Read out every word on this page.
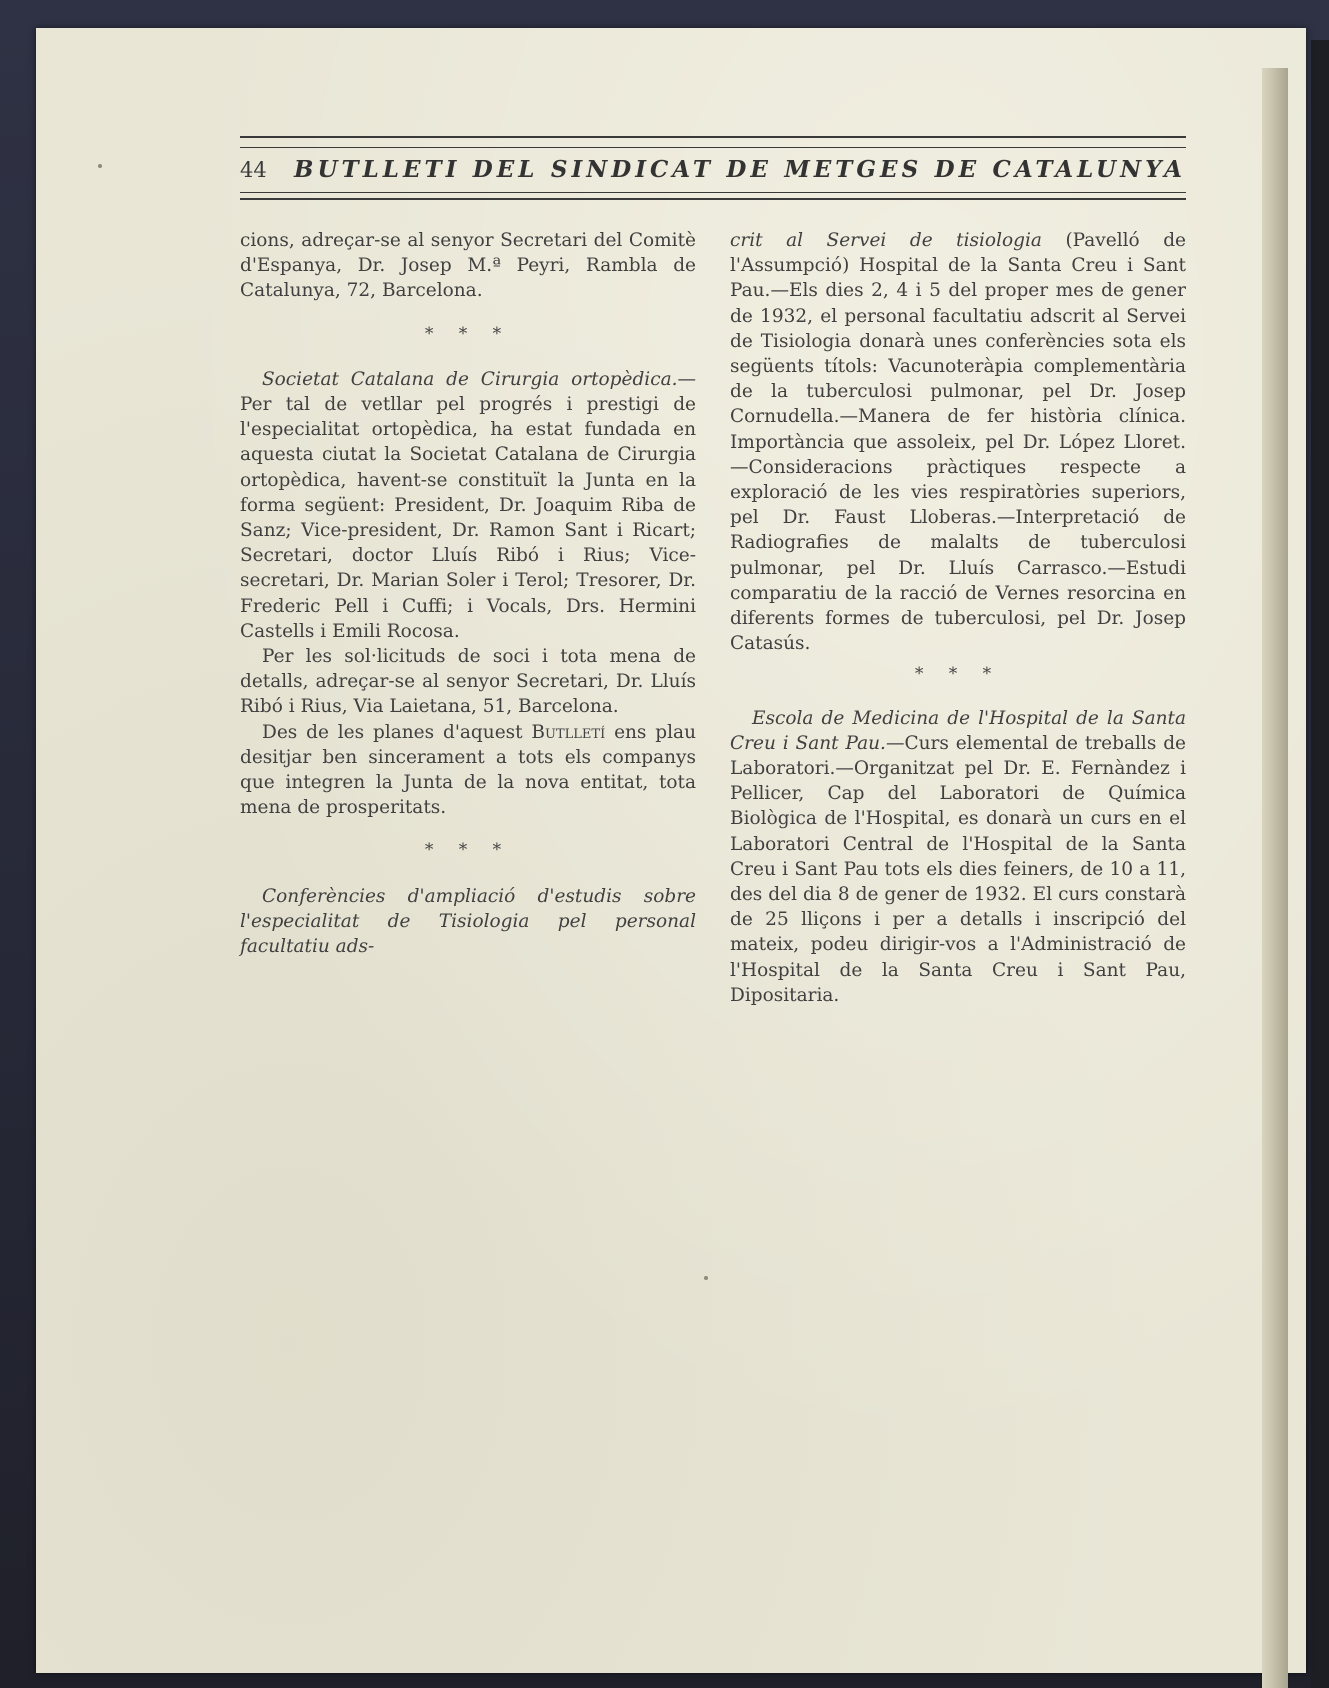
44	BUTLLETI DEL SINDICAT DE METGES DE CATALUNYA

cions, adreçar-se al senyor Secretari del Comitè d'Espanya, Dr. Josep M.ª Peyri, Rambla de Catalunya, 72, Barcelona.

* * *

Societat Catalana de Cirurgia ortopèdica.—Per tal de vetllar pel progrés i prestigi de l'especialitat ortopèdica, ha estat fundada en aquesta ciutat la Societat Catalana de Cirurgia ortopèdica, havent-se constituït la Junta en la forma següent: President, Dr. Joaquim Riba de Sanz; Vice-president, Dr. Ramon Sant i Ricart; Secretari, doctor Lluís Ribó i Rius; Vice-secretari, Dr. Marian Soler i Terol; Tresorer, Dr. Frederic Pell i Cuffi; i Vocals, Drs. Hermini Castells i Emili Rocosa.

Per les sol·licituds de soci i tota mena de detalls, adreçar-se al senyor Secretari, Dr. Lluís Ribó i Rius, Via Laietana, 51, Barcelona.

Des de les planes d'aquest Butlletí ens plau desitjar ben sincerament a tots els companys que integren la Junta de la nova entitat, tota mena de prosperitats.

* * *

Conferències d'ampliació d'estudis sobre l'especialitat de Tisiologia pel personal facultatiu ads-

crit al Servei de tisiologia (Pavelló de l'Assumpció) Hospital de la Santa Creu i Sant Pau.—Els dies 2, 4 i 5 del proper mes de gener de 1932, el personal facultatiu adscrit al Servei de Tisiologia donarà unes conferències sota els següents títols: Vacunoteràpia complementària de la tuberculosi pulmonar, pel Dr. Josep Cornudella.—Manera de fer història clínica. Importància que assoleix, pel Dr. López Lloret.—Consideracions pràctiques respecte a exploració de les vies respiratòries superiors, pel Dr. Faust Lloberas.—Interpretació de Radiografies de malalts de tuberculosi pulmonar, pel Dr. Lluís Carrasco.—Estudi comparatiu de la racció de Vernes resorcina en diferents formes de tuberculosi, pel Dr. Josep Catasús.

* * *

Escola de Medicina de l'Hospital de la Santa Creu i Sant Pau.—Curs elemental de treballs de Laboratori.—Organitzat pel Dr. E. Fernàndez i Pellicer, Cap del Laboratori de Química Biològica de l'Hospital, es donarà un curs en el Laboratori Central de l'Hospital de la Santa Creu i Sant Pau tots els dies feiners, de 10 a 11, des del dia 8 de gener de 1932. El curs constarà de 25 lliçons i per a detalls i inscripció del mateix, podeu dirigir-vos a l'Administració de l'Hospital de la Santa Creu i Sant Pau, Dipositaria.
